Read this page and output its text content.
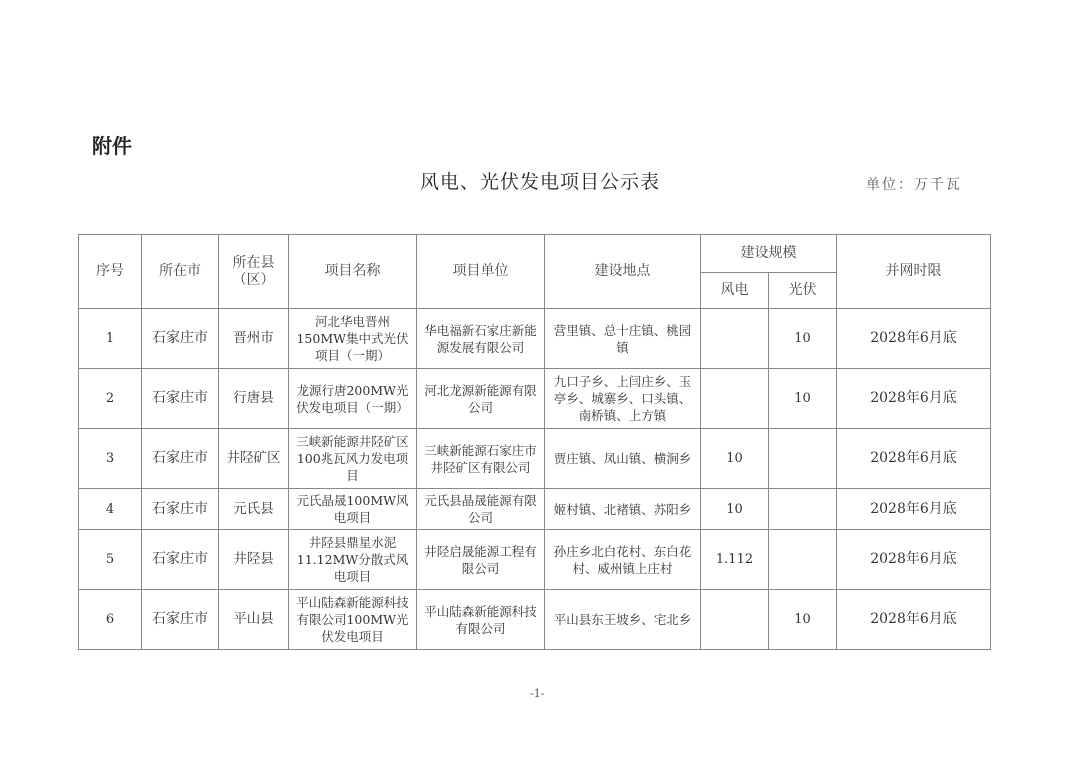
附件
风电、光伏发电项目公示表	单位：万千瓦
序号	所在市	所在县（区）	项目名称	项目单位	建设地点	建设规模		并网时限
						风电	光伏	
1	石家庄市	晋州市	河北华电晋州150MW集中式光伏项目（一期）	华电福新石家庄新能源发展有限公司	营里镇、总十庄镇、桃园镇		10	2028年6月底
2	石家庄市	行唐县	龙源行唐200MW光伏发电项目（一期）	河北龙源新能源有限公司	九口子乡、上闫庄乡、玉亭乡、城寨乡、口头镇、南桥镇、上方镇		10	2028年6月底
3	石家庄市	井陉矿区	三峡新能源井陉矿区100兆瓦风力发电项目	三峡新能源石家庄市井陉矿区有限公司	贾庄镇、凤山镇、横涧乡	10		2028年6月底
4	石家庄市	元氏县	元氏晶晟100MW风电项目	元氏县晶晟能源有限公司	姬村镇、北褚镇、苏阳乡	10		2028年6月底
5	石家庄市	井陉县	井陉县鼎星水泥11.12MW分散式风电项目	井陉启晟能源工程有限公司	孙庄乡北白花村、东白花村、威州镇上庄村	1.112		2028年6月底
6	石家庄市	平山县	平山陆森新能源科技有限公司100MW光伏发电项目	平山陆森新能源科技有限公司	平山县东王坡乡、宅北乡		10	2028年6月底
-1-
